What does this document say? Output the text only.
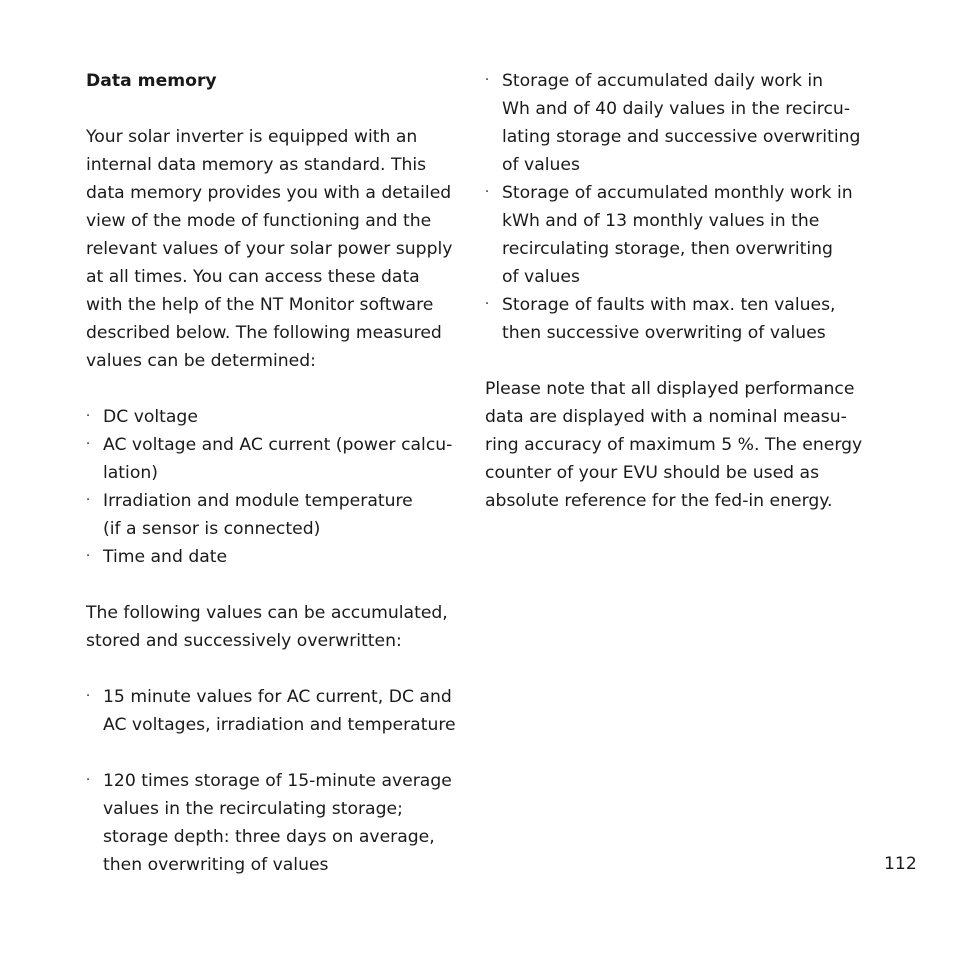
Data memory

Your solar inverter is equipped with an
internal data memory as standard. This
data memory provides you with a detailed
view of the mode of functioning and the
relevant values of your solar power supply
at all times. You can access these data
with the help of the NT Monitor software
described below. The following measured
values can be determined:

· DC voltage
· AC voltage and AC current (power calcu-
lation)
· Irradiation and module temperature
(if a sensor is connected)
· Time and date

The following values can be accumulated,
stored and successively overwritten:

· 15 minute values for AC current, DC and
AC voltages, irradiation and temperature
· 120 times storage of 15-minute average
values in the recirculating storage;
storage depth: three days on average,
then overwriting of values
· Storage of accumulated daily work in
Wh and of 40 daily values in the recircu-
lating storage and successive overwriting
of values
· Storage of accumulated monthly work in
kWh and of 13 monthly values in the
recirculating storage, then overwriting
of values
· Storage of faults with max. ten values,
then successive overwriting of values

Please note that all displayed performance
data are displayed with a nominal measu-
ring accuracy of maximum 5 %. The energy
counter of your EVU should be used as
absolute reference for the fed-in energy.

112
